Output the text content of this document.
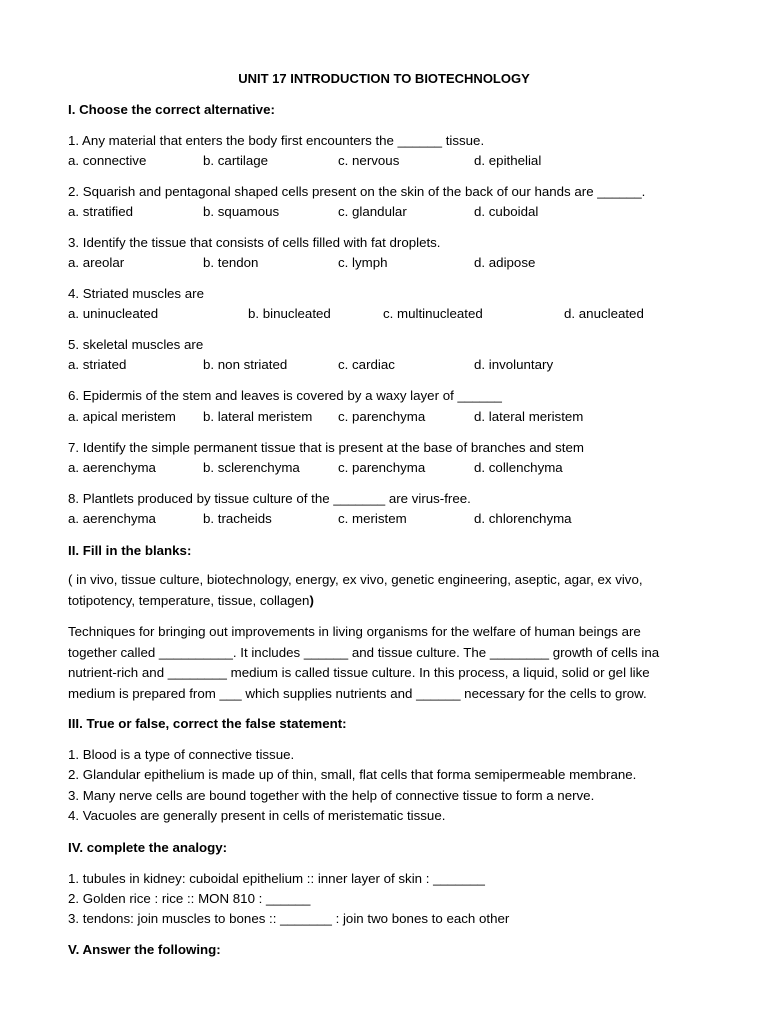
UNIT 17 INTRODUCTION TO BIOTECHNOLOGY
I. Choose the correct alternative:
1. Any material that enters the body first encounters the ______ tissue.
a. connective	b. cartilage	c. nervous	d. epithelial
2. Squarish and pentagonal shaped cells present on the skin of the back of our hands are ______.
a. stratified	b. squamous	c. glandular	d. cuboidal
3. Identify the tissue that consists of cells filled with fat droplets.
a. areolar	b. tendon	c. lymph	d. adipose
4. Striated muscles are
a. uninucleated	b. binucleated	c. multinucleated	d. anucleated
5. skeletal muscles are
a. striated	b. non striated	c. cardiac	d. involuntary
6. Epidermis of the stem and leaves is covered by a waxy layer of ______
a. apical meristem b. lateral meristem c. parenchyma	d. lateral meristem
7. Identify the simple permanent tissue that is present at the base of branches and stem
a. aerenchyma	b. sclerenchyma	c. parenchyma	d. collenchyma
8. Plantlets produced by tissue culture of the _______ are virus-free.
a. aerenchyma	b. tracheids	c. meristem	d. chlorenchyma
II. Fill in the blanks:
( in vivo, tissue culture, biotechnology, energy, ex vivo, genetic engineering, aseptic, agar, ex vivo, totipotency, temperature, tissue, collagen)
Techniques for bringing out improvements in living organisms for the welfare of human beings are together called __________. It includes ______ and tissue culture. The ________ growth of cells ina nutrient-rich and ________ medium is called tissue culture. In this process, a liquid, solid or gel like medium is prepared from ___ which supplies nutrients and ______ necessary for the cells to grow.
III. True or false, correct the false statement:
1. Blood is a type of connective tissue.
2. Glandular epithelium is made up of thin, small, flat cells that forma semipermeable membrane.
3. Many nerve cells are bound together with the help of connective tissue to form a nerve.
4. Vacuoles are generally present in cells of meristematic tissue.
IV. complete the analogy:
1. tubules in kidney: cuboidal epithelium :: inner layer of skin : _______
2. Golden rice : rice :: MON 810 : ______
3. tendons: join muscles to bones :: _______ : join two bones to each other
V. Answer the following:
